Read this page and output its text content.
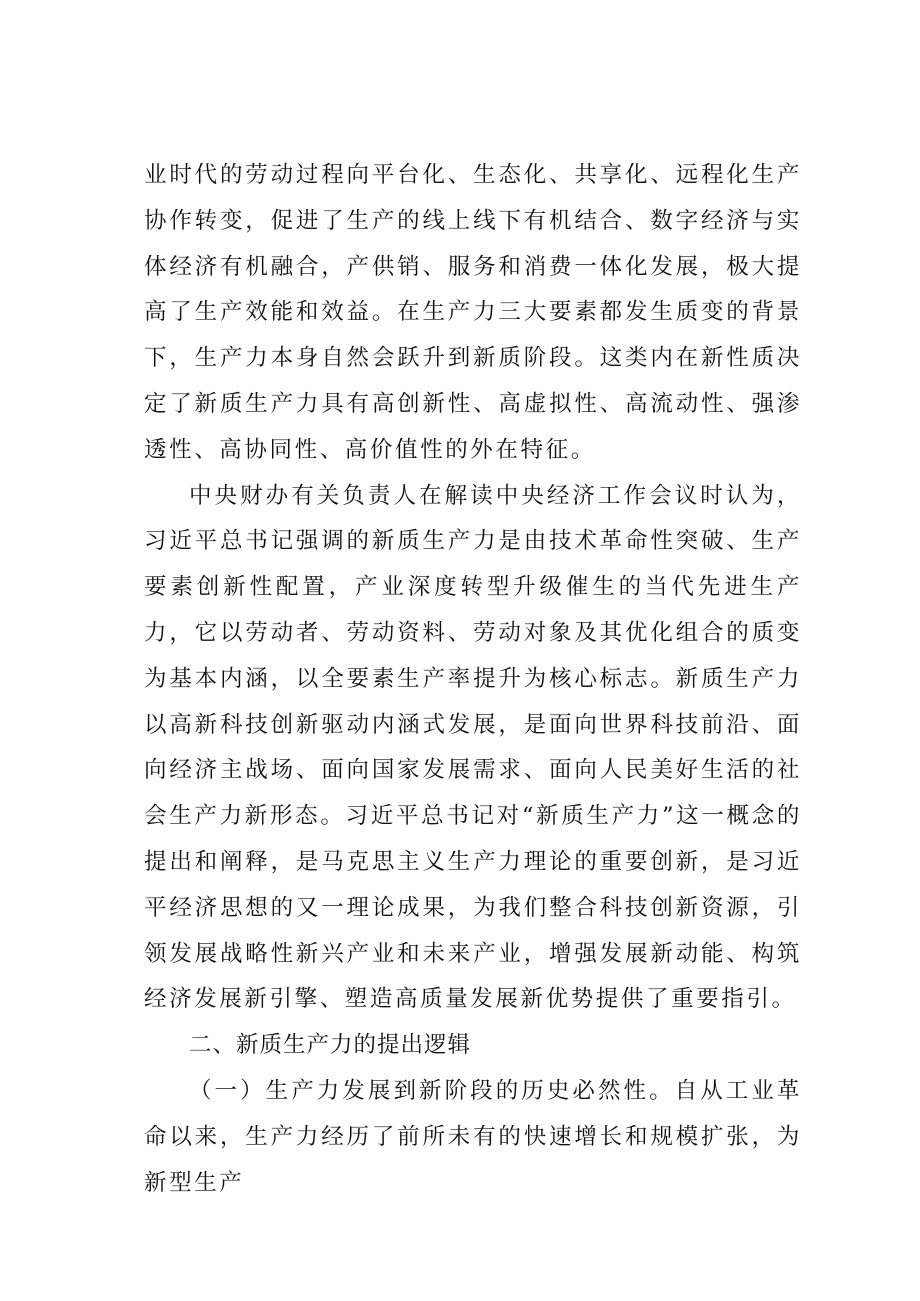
业时代的劳动过程向平台化、生态化、共享化、远程化生产协作转变，促进了生产的线上线下有机结合、数字经济与实体经济有机融合，产供销、服务和消费一体化发展，极大提高了生产效能和效益。在生产力三大要素都发生质变的背景下，生产力本身自然会跃升到新质阶段。这类内在新性质决定了新质生产力具有高创新性、高虚拟性、高流动性、强渗透性、高协同性、高价值性的外在特征。

中央财办有关负责人在解读中央经济工作会议时认为，习近平总书记强调的新质生产力是由技术革命性突破、生产要素创新性配置，产业深度转型升级催生的当代先进生产力，它以劳动者、劳动资料、劳动对象及其优化组合的质变为基本内涵，以全要素生产率提升为核心标志。新质生产力以高新科技创新驱动内涵式发展，是面向世界科技前沿、面向经济主战场、面向国家发展需求、面向人民美好生活的社会生产力新形态。习近平总书记对“新质生产力”这一概念的提出和阐释，是马克思主义生产力理论的重要创新，是习近平经济思想的又一理论成果，为我们整合科技创新资源，引领发展战略性新兴产业和未来产业，增强发展新动能、构筑经济发展新引擎、塑造高质量发展新优势提供了重要指引。

二、新质生产力的提出逻辑

（一）生产力发展到新阶段的历史必然性。自从工业革命以来，生产力经历了前所未有的快速增长和规模扩张，为新型生产
